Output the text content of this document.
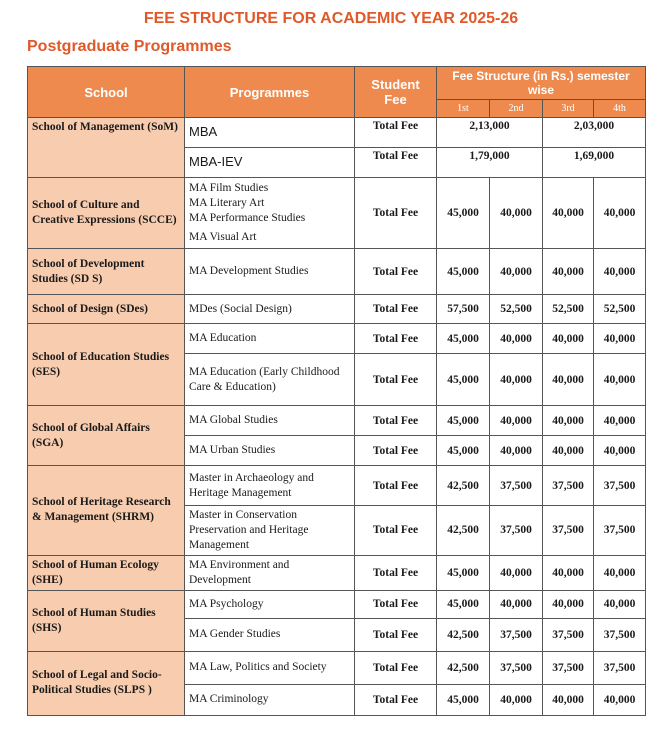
FEE STRUCTURE FOR ACADEMIC YEAR 2025-26
Postgraduate Programmes
School	Programmes	Student Fee	Fee Structure (in Rs.) semester wise			
			1st	2nd	3rd	4th
School of Management (SoM)	MBA	Total Fee	2,13,000		2,03,000	
	MBA-IEV	Total Fee	1,79,000		1,69,000	
School of Culture and Creative Expressions (SCCE)	MA Film Studies
MA Literary Art
MA Performance Studies
MA Visual Art	Total Fee	45,000	40,000	40,000	40,000
School of Development Studies (SD S)	MA Development Studies	Total Fee	45,000	40,000	40,000	40,000
School of Design (SDes)	MDes (Social Design)	Total Fee	57,500	52,500	52,500	52,500
School of Education Studies (SES)	MA Education	Total Fee	45,000	40,000	40,000	40,000
	MA Education (Early Childhood Care & Education)	Total Fee	45,000	40,000	40,000	40,000
School of Global Affairs (SGA)	MA Global Studies	Total Fee	45,000	40,000	40,000	40,000
	MA Urban Studies	Total Fee	45,000	40,000	40,000	40,000
School of Heritage Research & Management (SHRM)	Master in Archaeology and Heritage Management	Total Fee	42,500	37,500	37,500	37,500
	Master in Conservation Preservation and Heritage Management	Total Fee	42,500	37,500	37,500	37,500
School of Human Ecology (SHE)	MA Environment and Development	Total Fee	45,000	40,000	40,000	40,000
School of Human Studies (SHS)	MA Psychology	Total Fee	45,000	40,000	40,000	40,000
	MA Gender Studies	Total Fee	42,500	37,500	37,500	37,500
School of Legal and Socio-Political Studies (SLPS )	MA Law, Politics and Society	Total Fee	42,500	37,500	37,500	37,500
	MA Criminology	Total Fee	45,000	40,000	40,000	40,000
